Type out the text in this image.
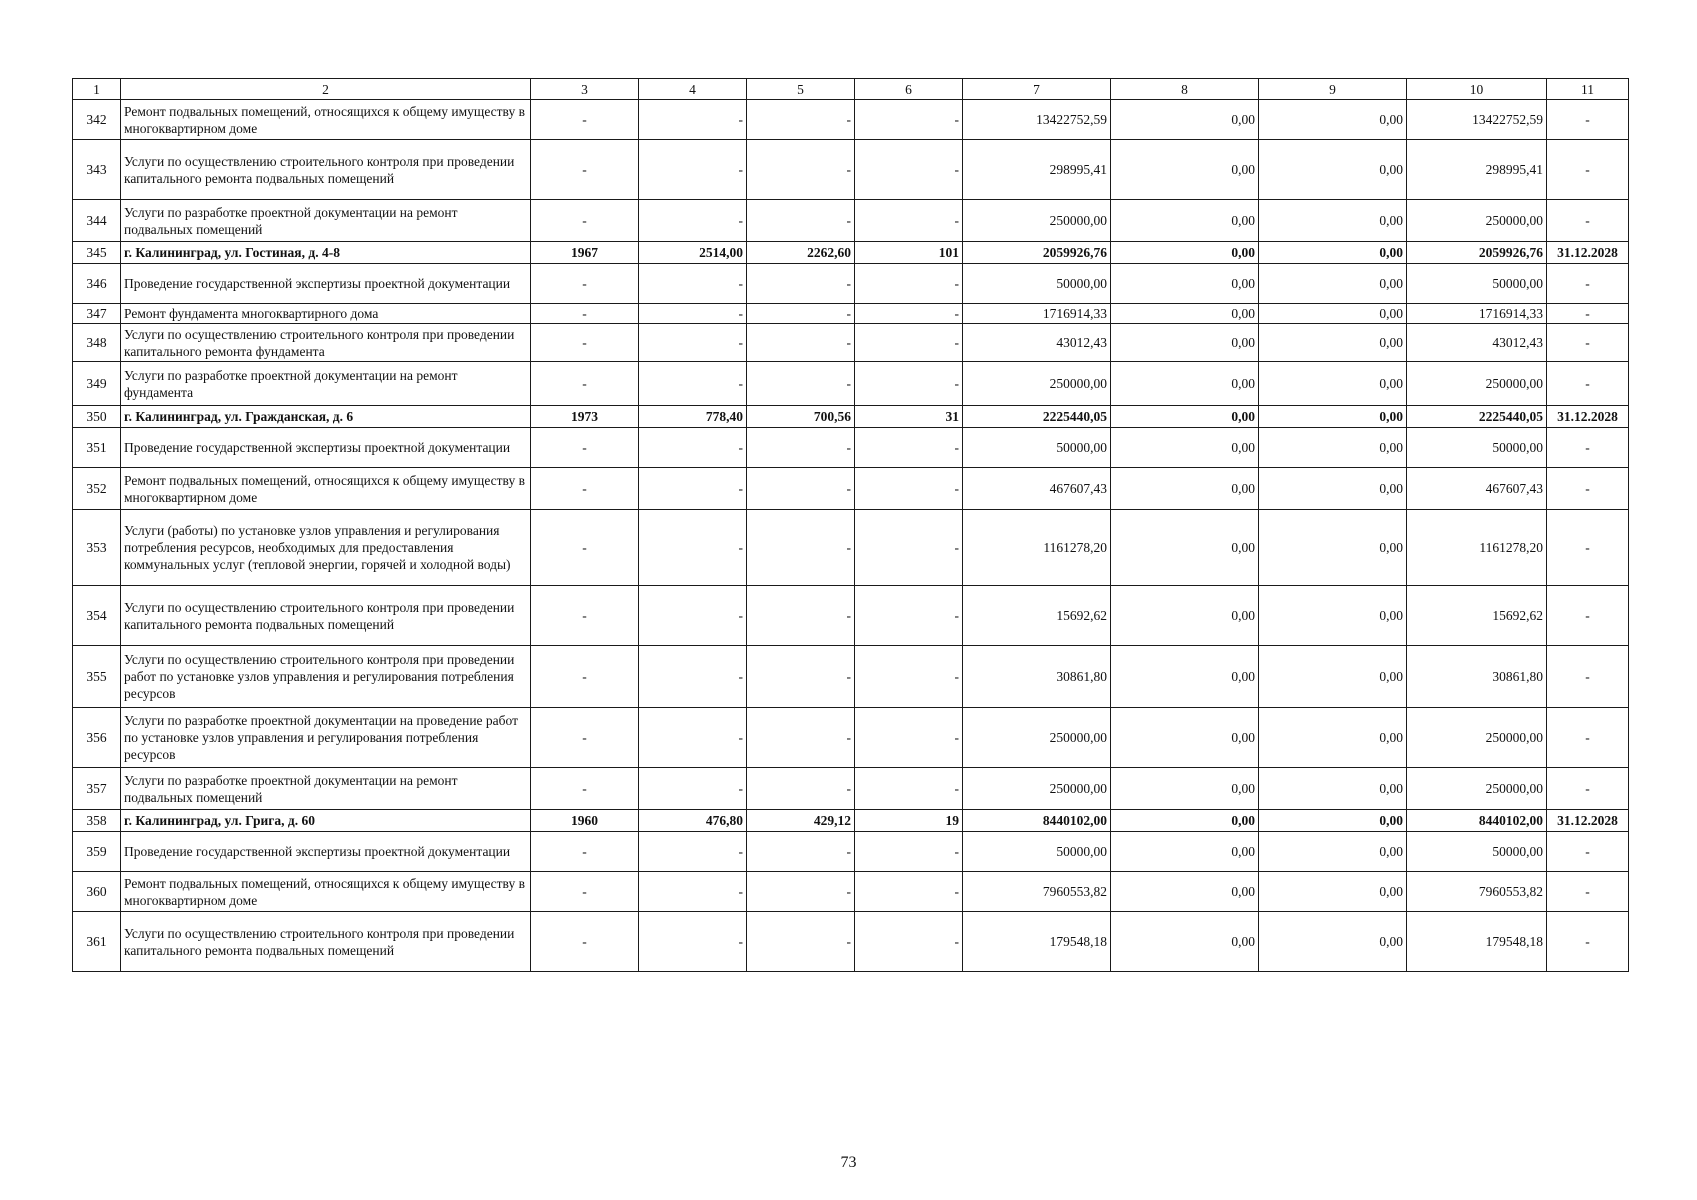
1	2	3	4	5	6	7	8	9	10	11
342	Ремонт подвальных помещений, относящихся к общему имуществу в многоквартирном доме	-	-	-	-	13422752,59	0,00	0,00	13422752,59	-
343	Услуги по осуществлению строительного контроля при проведении капитального ремонта подвальных помещений	-	-	-	-	298995,41	0,00	0,00	298995,41	-
344	Услуги по разработке проектной документации на ремонт подвальных помещений	-	-	-	-	250000,00	0,00	0,00	250000,00	-
345	г. Калининград, ул. Гостиная, д. 4-8	1967	2514,00	2262,60	101	2059926,76	0,00	0,00	2059926,76	31.12.2028
346	Проведение государственной экспертизы проектной документации	-	-	-	-	50000,00	0,00	0,00	50000,00	-
347	Ремонт фундамента многоквартирного дома	-	-	-	-	1716914,33	0,00	0,00	1716914,33	-
348	Услуги по осуществлению строительного контроля при проведении капитального ремонта фундамента	-	-	-	-	43012,43	0,00	0,00	43012,43	-
349	Услуги по разработке проектной документации на ремонт фундамента	-	-	-	-	250000,00	0,00	0,00	250000,00	-
350	г. Калининград, ул. Гражданская, д. 6	1973	778,40	700,56	31	2225440,05	0,00	0,00	2225440,05	31.12.2028
351	Проведение государственной экспертизы проектной документации	-	-	-	-	50000,00	0,00	0,00	50000,00	-
352	Ремонт подвальных помещений, относящихся к общему имуществу в многоквартирном доме	-	-	-	-	467607,43	0,00	0,00	467607,43	-
353	Услуги (работы) по установке узлов управления и регулирования потребления ресурсов, необходимых для предоставления коммунальных услуг (тепловой энергии, горячей и холодной воды)	-	-	-	-	1161278,20	0,00	0,00	1161278,20	-
354	Услуги по осуществлению строительного контроля при проведении капитального ремонта подвальных помещений	-	-	-	-	15692,62	0,00	0,00	15692,62	-
355	Услуги по осуществлению строительного контроля при проведении работ по установке узлов управления и регулирования потребления ресурсов	-	-	-	-	30861,80	0,00	0,00	30861,80	-
356	Услуги по разработке проектной документации на проведение работ по установке узлов управления и регулирования потребления ресурсов	-	-	-	-	250000,00	0,00	0,00	250000,00	-
357	Услуги по разработке проектной документации на ремонт подвальных помещений	-	-	-	-	250000,00	0,00	0,00	250000,00	-
358	г. Калининград, ул. Грига, д. 60	1960	476,80	429,12	19	8440102,00	0,00	0,00	8440102,00	31.12.2028
359	Проведение государственной экспертизы проектной документации	-	-	-	-	50000,00	0,00	0,00	50000,00	-
360	Ремонт подвальных помещений, относящихся к общему имуществу в многоквартирном доме	-	-	-	-	7960553,82	0,00	0,00	7960553,82	-
361	Услуги по осуществлению строительного контроля при проведении капитального ремонта подвальных помещений	-	-	-	-	179548,18	0,00	0,00	179548,18	-
73
